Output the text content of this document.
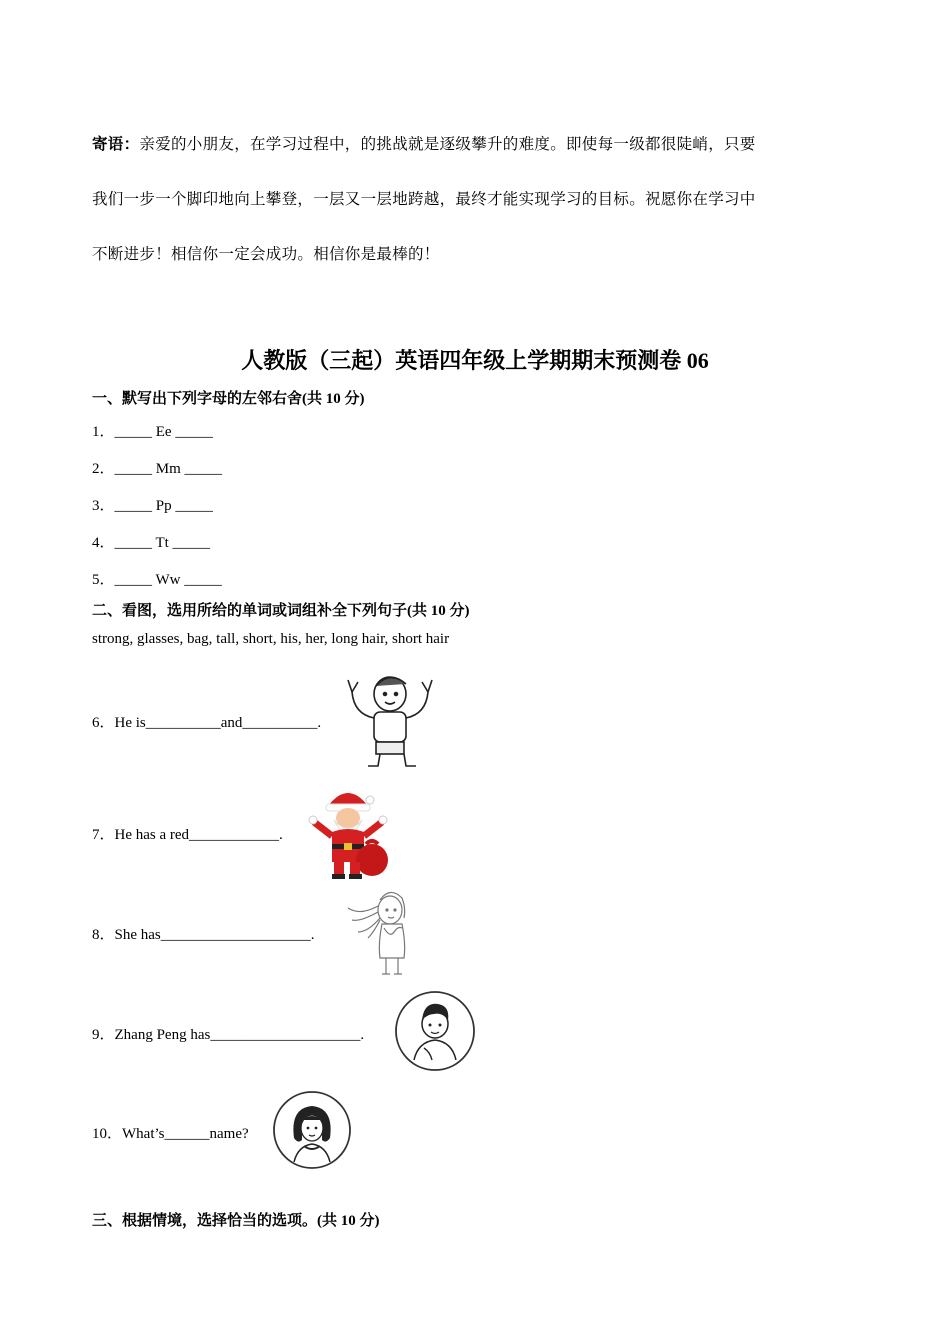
寄语：亲爱的小朋友，在学习过程中，的挑战就是逐级攀升的难度。即使每一级都很陡峭，只要
我们一步一个脚印地向上攀登，一层又一层地跨越，最终才能实现学习的目标。祝愿你在学习中
不断进步！相信你一定会成功。相信你是最棒的！
人教版（三起）英语四年级上学期期末预测卷 06
一、默写出下列字母的左邻右舍(共 10 分)
1．_____ Ee _____
2．_____ Mm _____
3．_____ Pp _____
4．_____ Tt _____
5．_____ Ww _____
二、看图，选用所给的单词或词组补全下列句子(共 10 分)
strong, glasses, bag, tall, short, his, her, long hair, short hair
6．He is__________and__________.
7．He has a red____________.
8．She has____________________.
9．Zhang Peng has____________________.
10．What’s______name?
三、根据情境，选择恰当的选项。(共 10 分)
